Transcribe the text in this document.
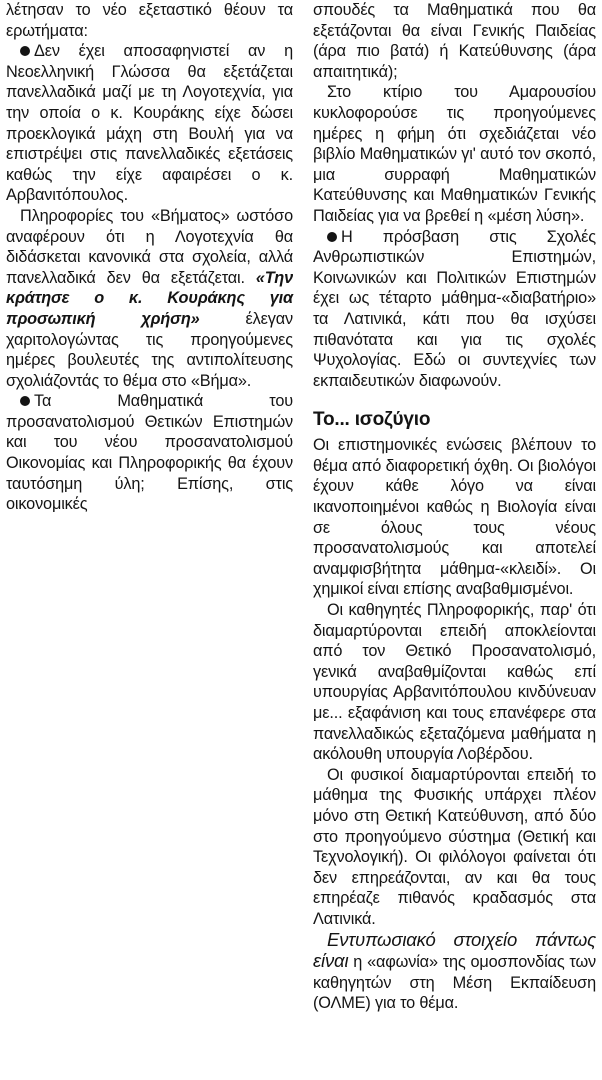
λέτησαν το νέο εξεταστικό θέουν τα ερωτήματα:

Δεν έχει αποσαφηνιστεί αν η Νεοελληνική Γλώσσα θα εξετάζεται πανελλαδικά μαζί με τη Λογοτεχνία, για την οποία ο κ. Κουράκης είχε δώσει προεκλογικά μάχη στη Βουλή για να επιστρέψει στις πανελλαδικές εξετάσεις καθώς την είχε αφαιρέσει ο κ. Αρβανιτόπουλος.

Πληροφορίες του «Βήματος» ωστόσο αναφέρουν ότι η Λογοτεχνία θα διδάσκεται κανονικά στα σχολεία, αλλά πανελλαδικά δεν θα εξετάζεται. «Την κράτησε ο κ. Κουράκης για προσωπική χρήση»	έλεγαν χαριτολογώντας τις προηγούμενες ημέρες βουλευτές της αντιπολίτευσης σχολιάζοντάς το θέμα στο «Βήμα».

Τα Μαθηματικά του προσανατολισμού Θετικών Επιστημών και του νέου προσανατολισμού Οικονομίας και Πληροφορικής θα έχουν ταυτόσημη ύλη; Επίσης, στις οικονομικές

σπουδές τα Μαθηματικά που θα εξετάζονται θα είναι Γενικής Παιδείας (άρα πιο βατά) ή Κατεύθυνσης (άρα απαιτητικά);

Στο κτίριο του Αμαρουσίου κυκλοφορούσε τις προηγούμενες ημέρες η φήμη ότι σχεδιάζεται νέο βιβλίο Μαθηματικών γι' αυτό τον σκοπό, μια συρραφή Μαθηματικών Κατεύθυνσης και Μαθηματικών Γενικής Παιδείας για να βρεθεί η «μέση λύση».

Η πρόσβαση στις Σχολές Ανθρωπιστικών Επιστημών, Κοινωνικών και Πολιτικών Επιστημών έχει ως τέταρτο μάθημα-«διαβατήριο» τα Λατινικά, κάτι που θα ισχύσει πιθανότατα και για τις σχολές Ψυχολογίας. Εδώ οι συντεχνίες των εκπαιδευτικών διαφωνούν.

Το... ισοζύγιο

Οι επιστημονικές ενώσεις βλέπουν το θέμα από διαφορετική όχθη. Οι βιολόγοι έχουν κάθε λόγο να είναι ικανοποιημένοι καθώς η Βιολογία είναι σε όλους τους νέους προσανατολισμούς και αποτελεί αναμφισβήτητα μάθημα-«κλειδί». Οι χημικοί είναι επίσης αναβαθμισμένοι.

Οι καθηγητές Πληροφορικής, παρ' ότι διαμαρτύρονται επειδή αποκλείονται από τον Θετικό Προσανατολισμό, γενικά αναβαθμίζονται καθώς επί υπουργίας Αρβανιτόπουλου κινδύνευαν με... εξαφάνιση και τους επανέφερε στα πανελλαδικώς εξεταζόμενα μαθήματα η ακόλουθη υπουργία Λοβέρδου.

Οι φυσικοί διαμαρτύρονται επειδή το μάθημα της Φυσικής υπάρχει πλέον μόνο στη Θετική Κατεύθυνση, από δύο στο προηγούμενο σύστημα (Θετική και Τεχνολογική). Οι φιλόλογοι φαίνεται ότι δεν επηρεάζονται, αν και θα τους επηρέαζε πιθανός κραδασμός στα Λατινικά.

Εντυπωσιακό στοιχείο πάντως είναι η «αφωνία» της ομοσπονδίας των καθηγητών στη Μέση Εκπαίδευση (ΟΛΜΕ) για το θέμα.
